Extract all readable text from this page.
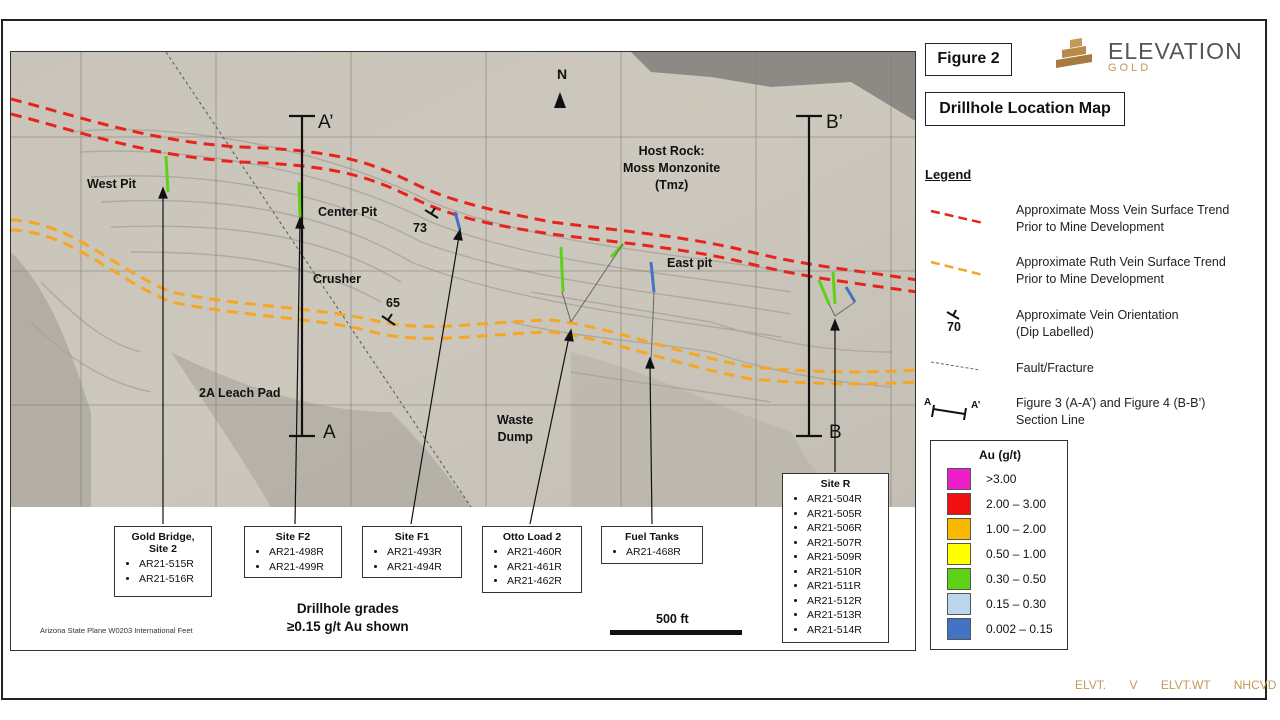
N
West Pit
Center Pit
Crusher
2A Leach Pad
Waste
Dump
East pit
Host Rock:
Moss Monzonite
(Tmz)
73
65
A’
A
B’
B
Gold Bridge,
Site 2
• AR21-515R
• AR21-516R
Site F2
• AR21-498R
• AR21-499R
Site F1
• AR21-493R
• AR21-494R
Otto Load 2
• AR21-460R
• AR21-461R
• AR21-462R
Fuel Tanks
• AR21-468R
Site R
• AR21-504R
• AR21-505R
• AR21-506R
• AR21-507R
• AR21-509R
• AR21-510R
• AR21-511R
• AR21-512R
• AR21-513R
• AR21-514R
Drillhole grades
≥0.15 g/t Au shown	500 ft
Arizona State Plane W0203 International Feet
Figure 2
Drillhole Location Map
ELEVATION
GOLD
Legend
70
A	A’
Approximate Moss Vein Surface Trend
Prior to Mine Development
Approximate Ruth Vein Surface Trend
Prior to Mine Development
Approximate Vein Orientation
(Dip Labelled)
Fault/Fracture
Figure 3 (A-A’) and Figure 4 (B-B’)
Section Line
Au (g/t)
>3.00
2.00 – 3.00
1.00 – 2.00
0.50 – 1.00
0.30 – 0.50
0.15 – 0.30
0.002 – 0.15
ELVT. V ELVT.WT NHCVD
